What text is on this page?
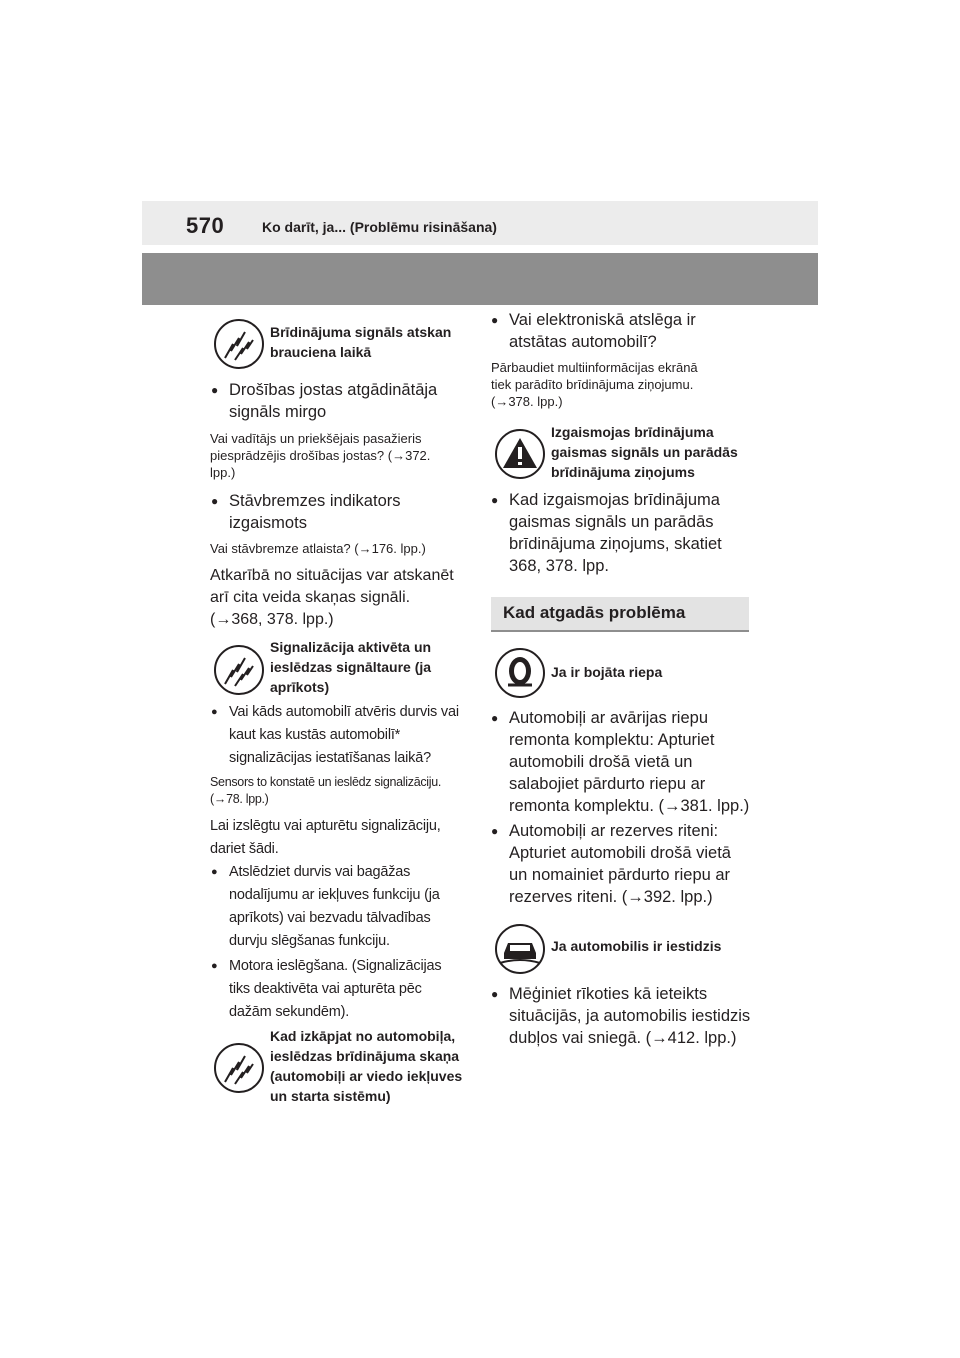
570	Ko darīt, ja... (Problēmu risināšana)
Brīdinājuma signāls atskan
brauciena laikā
● Drošības jostas atgādinātāja
signāls mirgo
Vai vadītājs un priekšējais pasažieris
piesprādzējis drošības jostas? (→372.
lpp.)
● Stāvbremzes indikators
izgaismots
Vai stāvbremze atlaista? (→176. lpp.)
Atkarībā no situācijas var atskanēt
arī cita veida skaņas signāli.
(→368, 378. lpp.)
Signalizācija aktivēta un
ieslēdzas signāltaure (ja
aprīkots)
● Vai kāds automobilī atvēris durvis vai
kaut kas kustās automobilī*
signalizācijas iestatīšanas laikā?
Sensors to konstatē un ieslēdz signalizāciju.
(→78. lpp.)
Lai izslēgtu vai apturētu signalizāciju,
dariet šādi.
● Atslēdziet durvis vai bagāžas
nodalījumu ar iekļuves funkciju (ja
aprīkots) vai bezvadu tālvadības
durvju slēgšanas funkciju.
● Motora ieslēgšana. (Signalizācijas
tiks deaktivēta vai apturēta pēc
dažām sekundēm).
Kad izkāpjat no automobiļa,
ieslēdzas brīdinājuma skaņa
(automobiļi ar viedo iekļuves
un starta sistēmu)
● Vai elektroniskā atslēga ir
atstātas automobilī?
Pārbaudiet multiinformācijas ekrānā
tiek parādīto brīdinājuma ziņojumu.
(→378. lpp.)
Izgaismojas brīdinājuma
gaismas signāls un parādās
brīdinājuma ziņojums
● Kad izgaismojas brīdinājuma
gaismas signāls un parādās
brīdinājuma ziņojums, skatiet
368, 378. lpp.
Kad atgadās problēma
Ja ir bojāta riepa
● Automobiļi ar avārijas riepu
remonta komplektu: Apturiet
automobili drošā vietā un
salabojiet pārdurto riepu ar
remonta komplektu. (→381. lpp.)
● Automobiļi ar rezerves riteni:
Apturiet automobili drošā vietā
un nomainiet pārdurto riepu ar
rezerves riteni. (→392. lpp.)
Ja automobilis ir iestidzis
● Mēģiniet rīkoties kā ieteikts
situācijās, ja automobilis iestidzis
dubļos vai sniegā. (→412. lpp.)
